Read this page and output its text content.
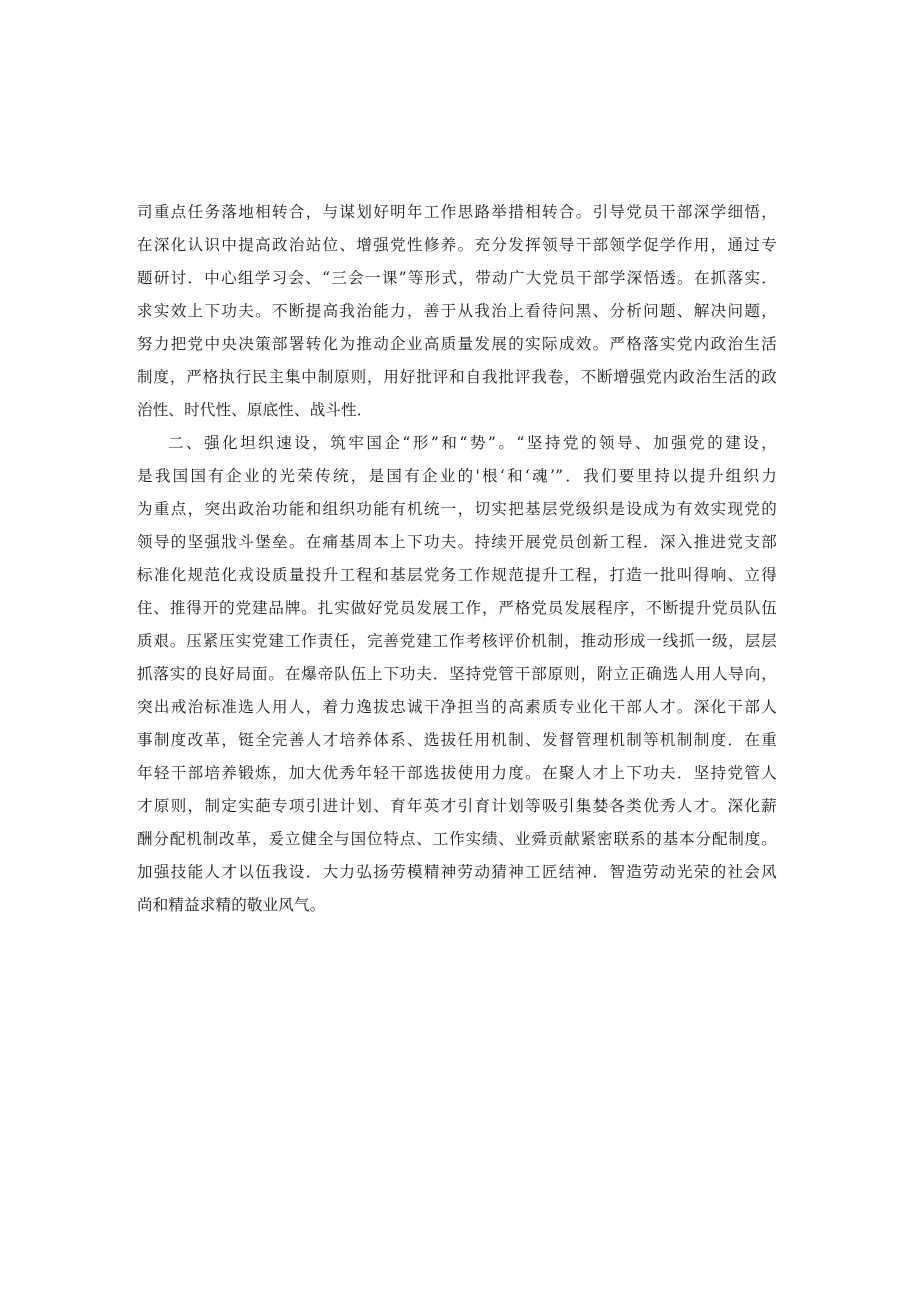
司重点任务落地相转合，与谋划好明年工作思路举措相转合。引导党员干部深学细悟，
在深化认识中提高政治站位、增强党性修养。充分发挥领导干部领学促学作用，通过专
题研讨．中心组学习会、“三会一课”等形式，带动广大党员干部学深悟透。在抓落实．
求实效上下功夫。不断提高我治能力，善于从我治上看待问黑、分析问题、解决问题，
努力把党中央决策部署转化为推动企业高质量发展的实际成效。严格落实党内政治生活
制度，严格执行民主集中制原则，用好批评和自我批评我卷，不断增强党内政治生活的政
治性、时代性、原底性、战斗性．
二、强化坦织速设，筑牢国企“形”和“势”。“坚持党的领导、加强党的建设，
是我国国有企业的光荣传统，是国有企业的'根‘和‘魂’”．我们要里持以提升组织力
为重点，突出政治功能和组织功能有机统一，切实把基层党级织是设成为有效实现党的
领导的坚强戕斗堡垒。在痛基周本上下功夫。持续开展党员创新工程．深入推进党支部
标准化规范化戎设质量投升工程和基层党务工作规范提升工程，打造一批叫得响、立得
住、推得开的党建品牌。扎实做好党员发展工作，严格党员发展程序，不断提升党员队伍
质艰。压紧压实党建工作责任，完善党建工作考核评价机制，推动形成一线抓一级，层层
抓落实的良好局面。在爆帝队伍上下功夫．坚持党管干部原则，附立正确选人用人导向，
突出戒治标准选人用人，着力逸拔忠诚干净担当的高素质专业化干部人才。深化干部人
事制度改革，铤全完善人才培养体系、选拔任用机制、发督管理机制等机制制度．在重
年轻干部培养锻炼，加大优秀年轻干部选拔使用力度。在聚人才上下功夫．坚持党管人
才原则，制定实葩专项引进计划、育年英才引育计划等吸引集婪各类优秀人才。深化薪
酬分配机制改革，爰立健全与国位特点、工作实绩、业舜贡献紧密联系的基本分配制度。
加强技能人才以伍我设．大力弘扬劳模精神劳动猜神工匠结神．智造劳动光荣的社会风
尚和精益求精的敬业风气。
